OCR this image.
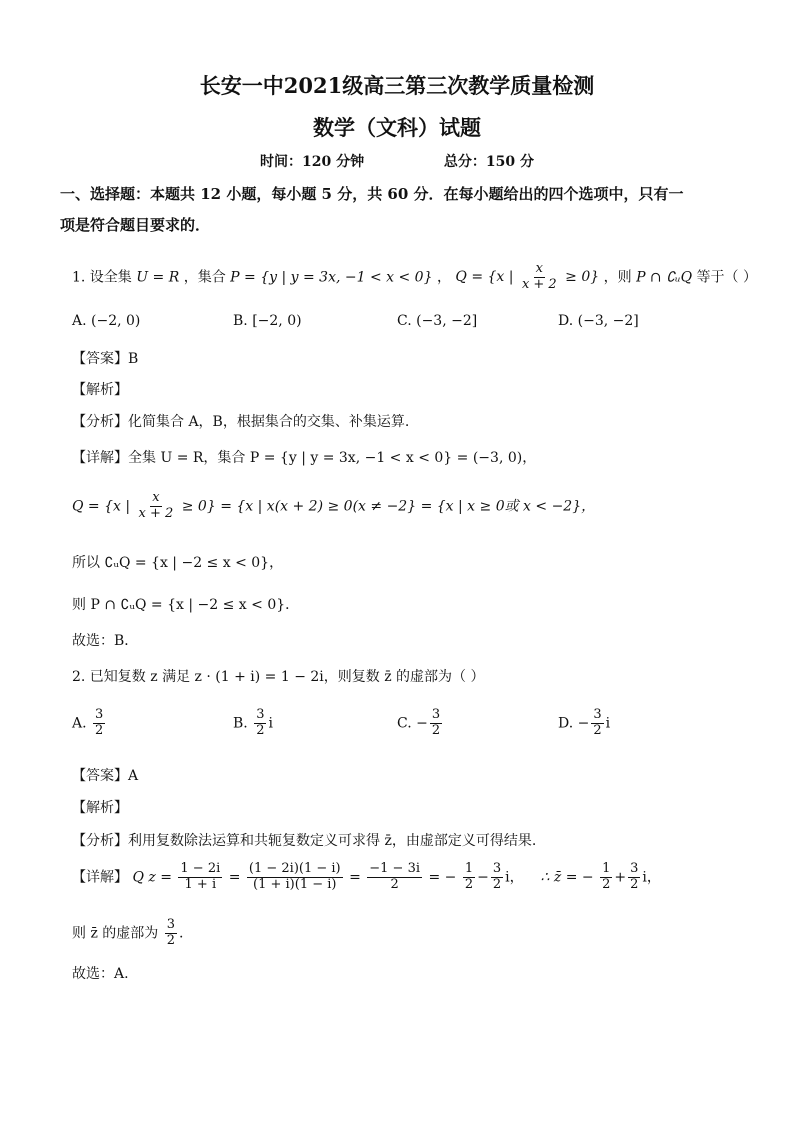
长安一中2021级高三第三次教学质量检测
数学（文科）试题
时间：120 分钟	总分：150 分
一、选择题：本题共 12 小题，每小题 5 分，共 60 分．在每小题给出的四个选项中，只有一
项是符合题目要求的．
1. 设全集 U = R ，集合 P = {y | y = 3x, −1 < x < 0} ， Q = {x | $\frac{x}{x + 2} \ge 0$} ，则 P ∩ ∁ᵤQ 等于（ ）
A. (−2, 0)	B. [−2, 0)	C. (−3, −2]	D. (−3, −2]
【答案】B
【解析】
【分析】化简集合 A，B，根据集合的交集、补集运算.
【详解】全集 U = R，集合 P = {y | y = 3x, −1 < x < 0} = (−3, 0)，
Q = {x | $\frac{x}{x + 2} \ge 0\} = \{x$ | x(x + 2) ≥ 0(x ≠ −2} = {x | x ≥ 0或 x < −2}，
所以 ∁ᵤQ = {x | −2 ≤ x < 0}，
则 P ∩ ∁ᵤQ = {x | −2 ≤ x < 0}．
故选：B．
2. 已知复数 z 满足 z · (1 + i) = 1 − 2i，则复数 z̄ 的虚部为（ ）
A. $\frac{3}{2}$	B. $\frac{3}{2}$ i	C. − $\frac{3}{2}$	D. − $\frac{3}{2}$ i
【答案】A
【解析】
【分析】利用复数除法运算和共轭复数定义可求得 z̄，由虚部定义可得结果.
【详解】 Q $z = \frac{1 - 2i}{1 + i} = \frac{(1 - 2i)(1 - i)}{(1 + i)(1 - i)} = \frac{-1 - 3i}{2}$ = − $\frac{1}{2} - \frac{3}{2}$ i， ∴ z̄ = − $\frac{1}{2} + \frac{3}{2}$ i，
则 z̄ 的虚部为 $\frac{3}{2}$ .
故选：A.
